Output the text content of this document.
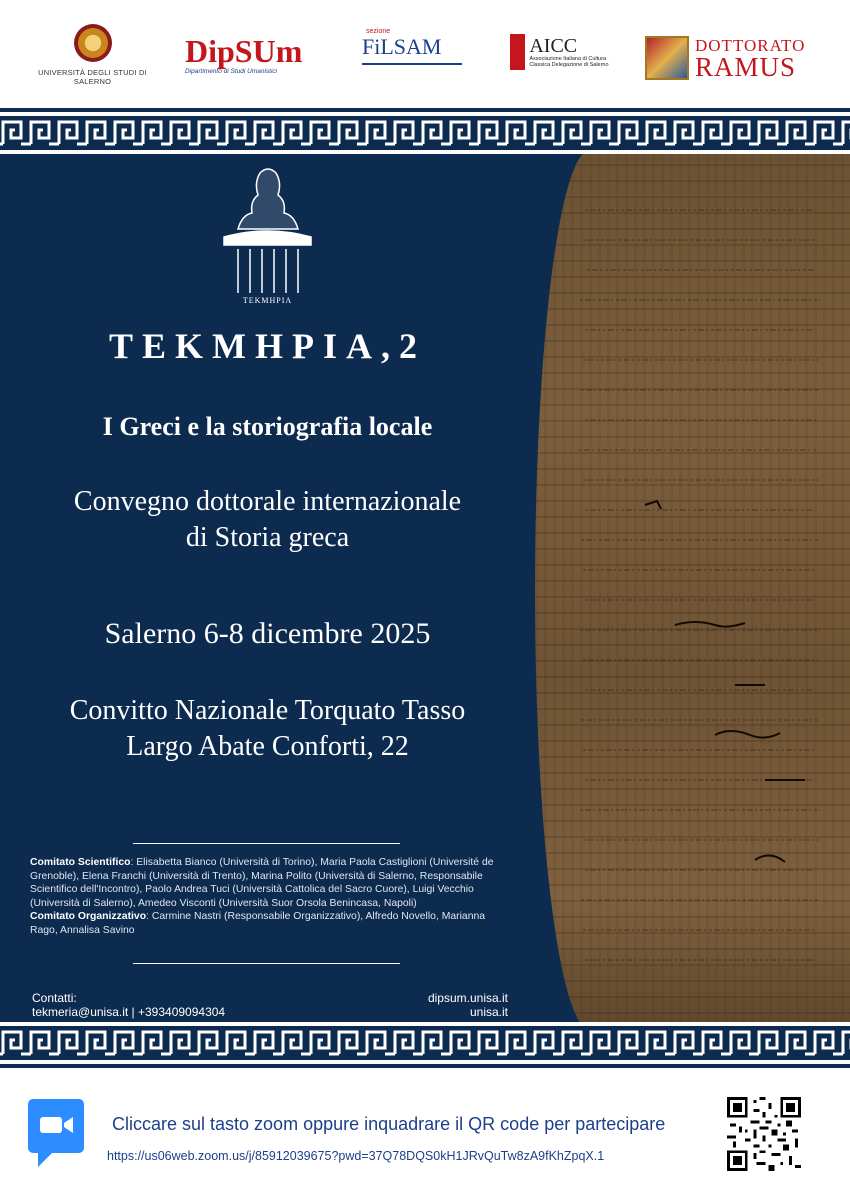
UNIVERSITÀ DEGLI STUDI DI SALERNO
DipSUm
Dipartimento di Studi Umanistici
sezione
FiLSAM	AICC
Associazione Italiana di Cultura Classica Delegazione di Salerno
DOTTORATO
RAMUS
ΤΕΚΜΗΡΙΑ
ΤΕΚΜΗΡΙΑ,2
I Greci e la storiografia locale
Convegno dottorale internazionale
di Storia greca
Salerno 6-8 dicembre 2025
Convitto Nazionale Torquato Tasso
Largo Abate Conforti, 22
Comitato Scientifico: Elisabetta Bianco (Università di Torino), Maria Paola Castiglioni (Université de Grenoble), Elena Franchi (Università di Trento), Marina Polito (Università di Salerno, Responsabile Scientifico dell'Incontro), Paolo Andrea Tuci (Università Cattolica del Sacro Cuore), Luigi Vecchio (Università di Salerno), Amedeo Visconti (Università Suor Orsola Benincasa, Napoli)
Comitato Organizzativo: Carmine Nastri (Responsabile Organizzativo), Alfredo Novello, Marianna Rago, Annalisa Savino
Contatti:
tekmeria@unisa.it | +393409094304
dipsum.unisa.it
unisa.it
Cliccare sul tasto zoom oppure inquadrare il QR code per partecipare
https://us06web.zoom.us/j/85912039675?pwd=37Q78DQS0kH1JRvQuTw8zA9fKhZpqX.1
